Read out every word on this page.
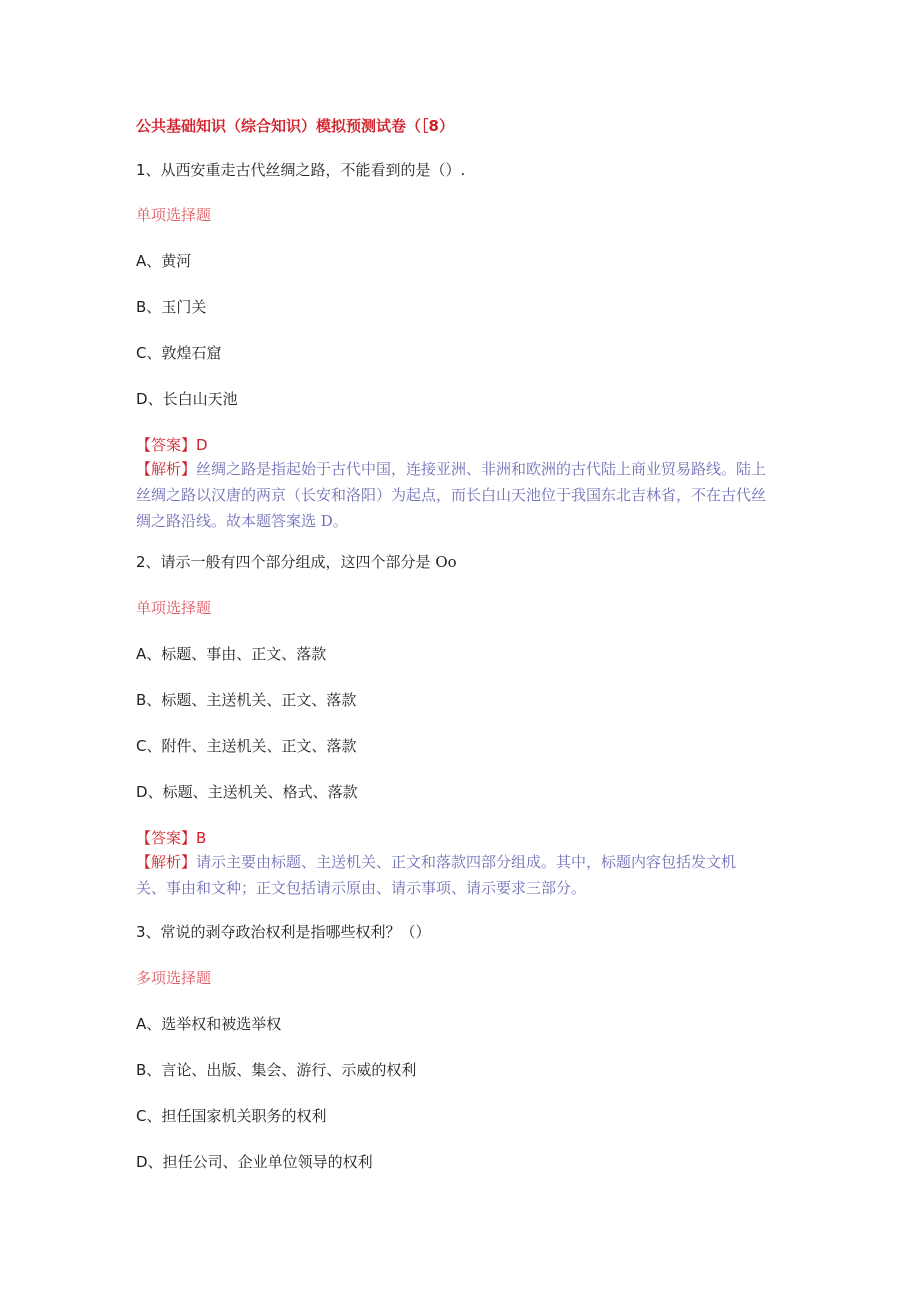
公共基础知识（综合知识）模拟预测试卷（［8）
1、从西安重走古代丝绸之路，不能看到的是（）.
单项选择题
A、黄河
B、玉门关
C、敦煌石窟
D、长白山天池
【答案】D
【解析】丝绸之路是指起始于古代中国，连接亚洲、非洲和欧洲的古代陆上商业贸易路线。陆上
丝绸之路以汉唐的两京（长安和洛阳）为起点，而长白山天池位于我国东北吉林省，不在古代丝
绸之路沿线。故本题答案选 D。
2、请示一般有四个部分组成，这四个部分是 Oo
单项选择题
A、标题、事由、正文、落款
B、标题、主送机关、正文、落款
C、附件、主送机关、正文、落款
D、标题、主送机关、格式、落款
【答案】B
【解析】请示主要由标题、主送机关、正文和落款四部分组成。其中，标题内容包括发文机
关、事由和文种；正文包括请示原由、请示事项、请示要求三部分。
3、常说的剥夺政治权利是指哪些权利？（）
多项选择题
A、选举权和被选举权
B、言论、出版、集会、游行、示威的权利
C、担任国家机关职务的权利
D、担任公司、企业单位领导的权利
